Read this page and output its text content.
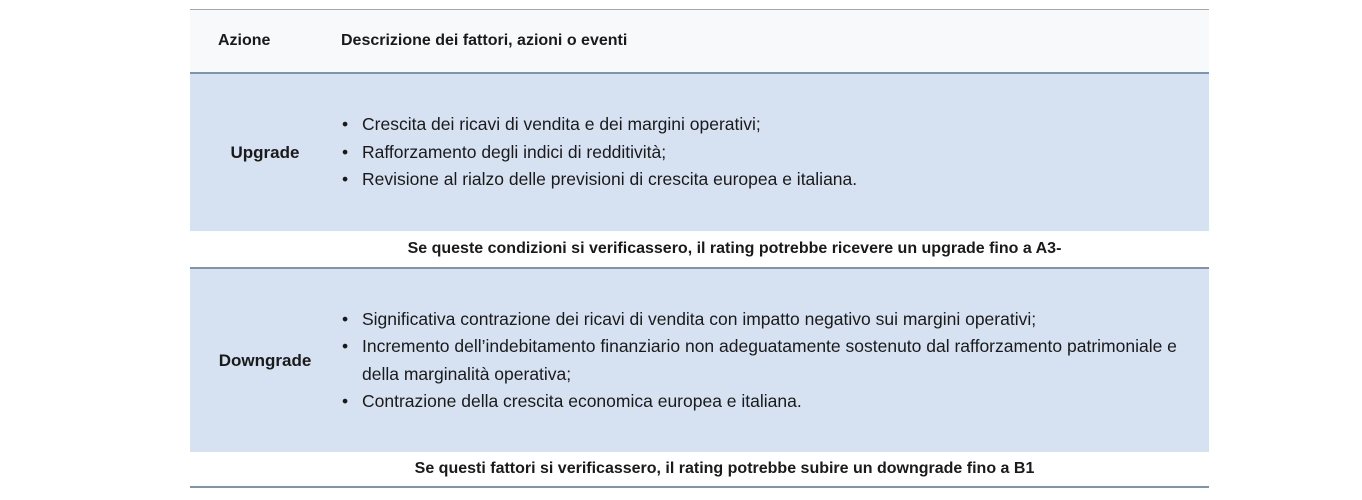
Azione	Descrizione dei fattori, azioni o eventi
Upgrade
• Crescita dei ricavi di vendita e dei margini operativi;
• Rafforzamento degli indici di redditività;
• Revisione al rialzo delle previsioni di crescita europea e italiana.
Se queste condizioni si verificassero, il rating potrebbe ricevere un upgrade fino a A3-
Downgrade
• Significativa contrazione dei ricavi di vendita con impatto negativo sui margini operativi;
• Incremento dell’indebitamento finanziario non adeguatamente sostenuto dal rafforzamento patrimoniale e della marginalità operativa;
• Contrazione della crescita economica europea e italiana.
Se questi fattori si verificassero, il rating potrebbe subire un downgrade fino a B1
